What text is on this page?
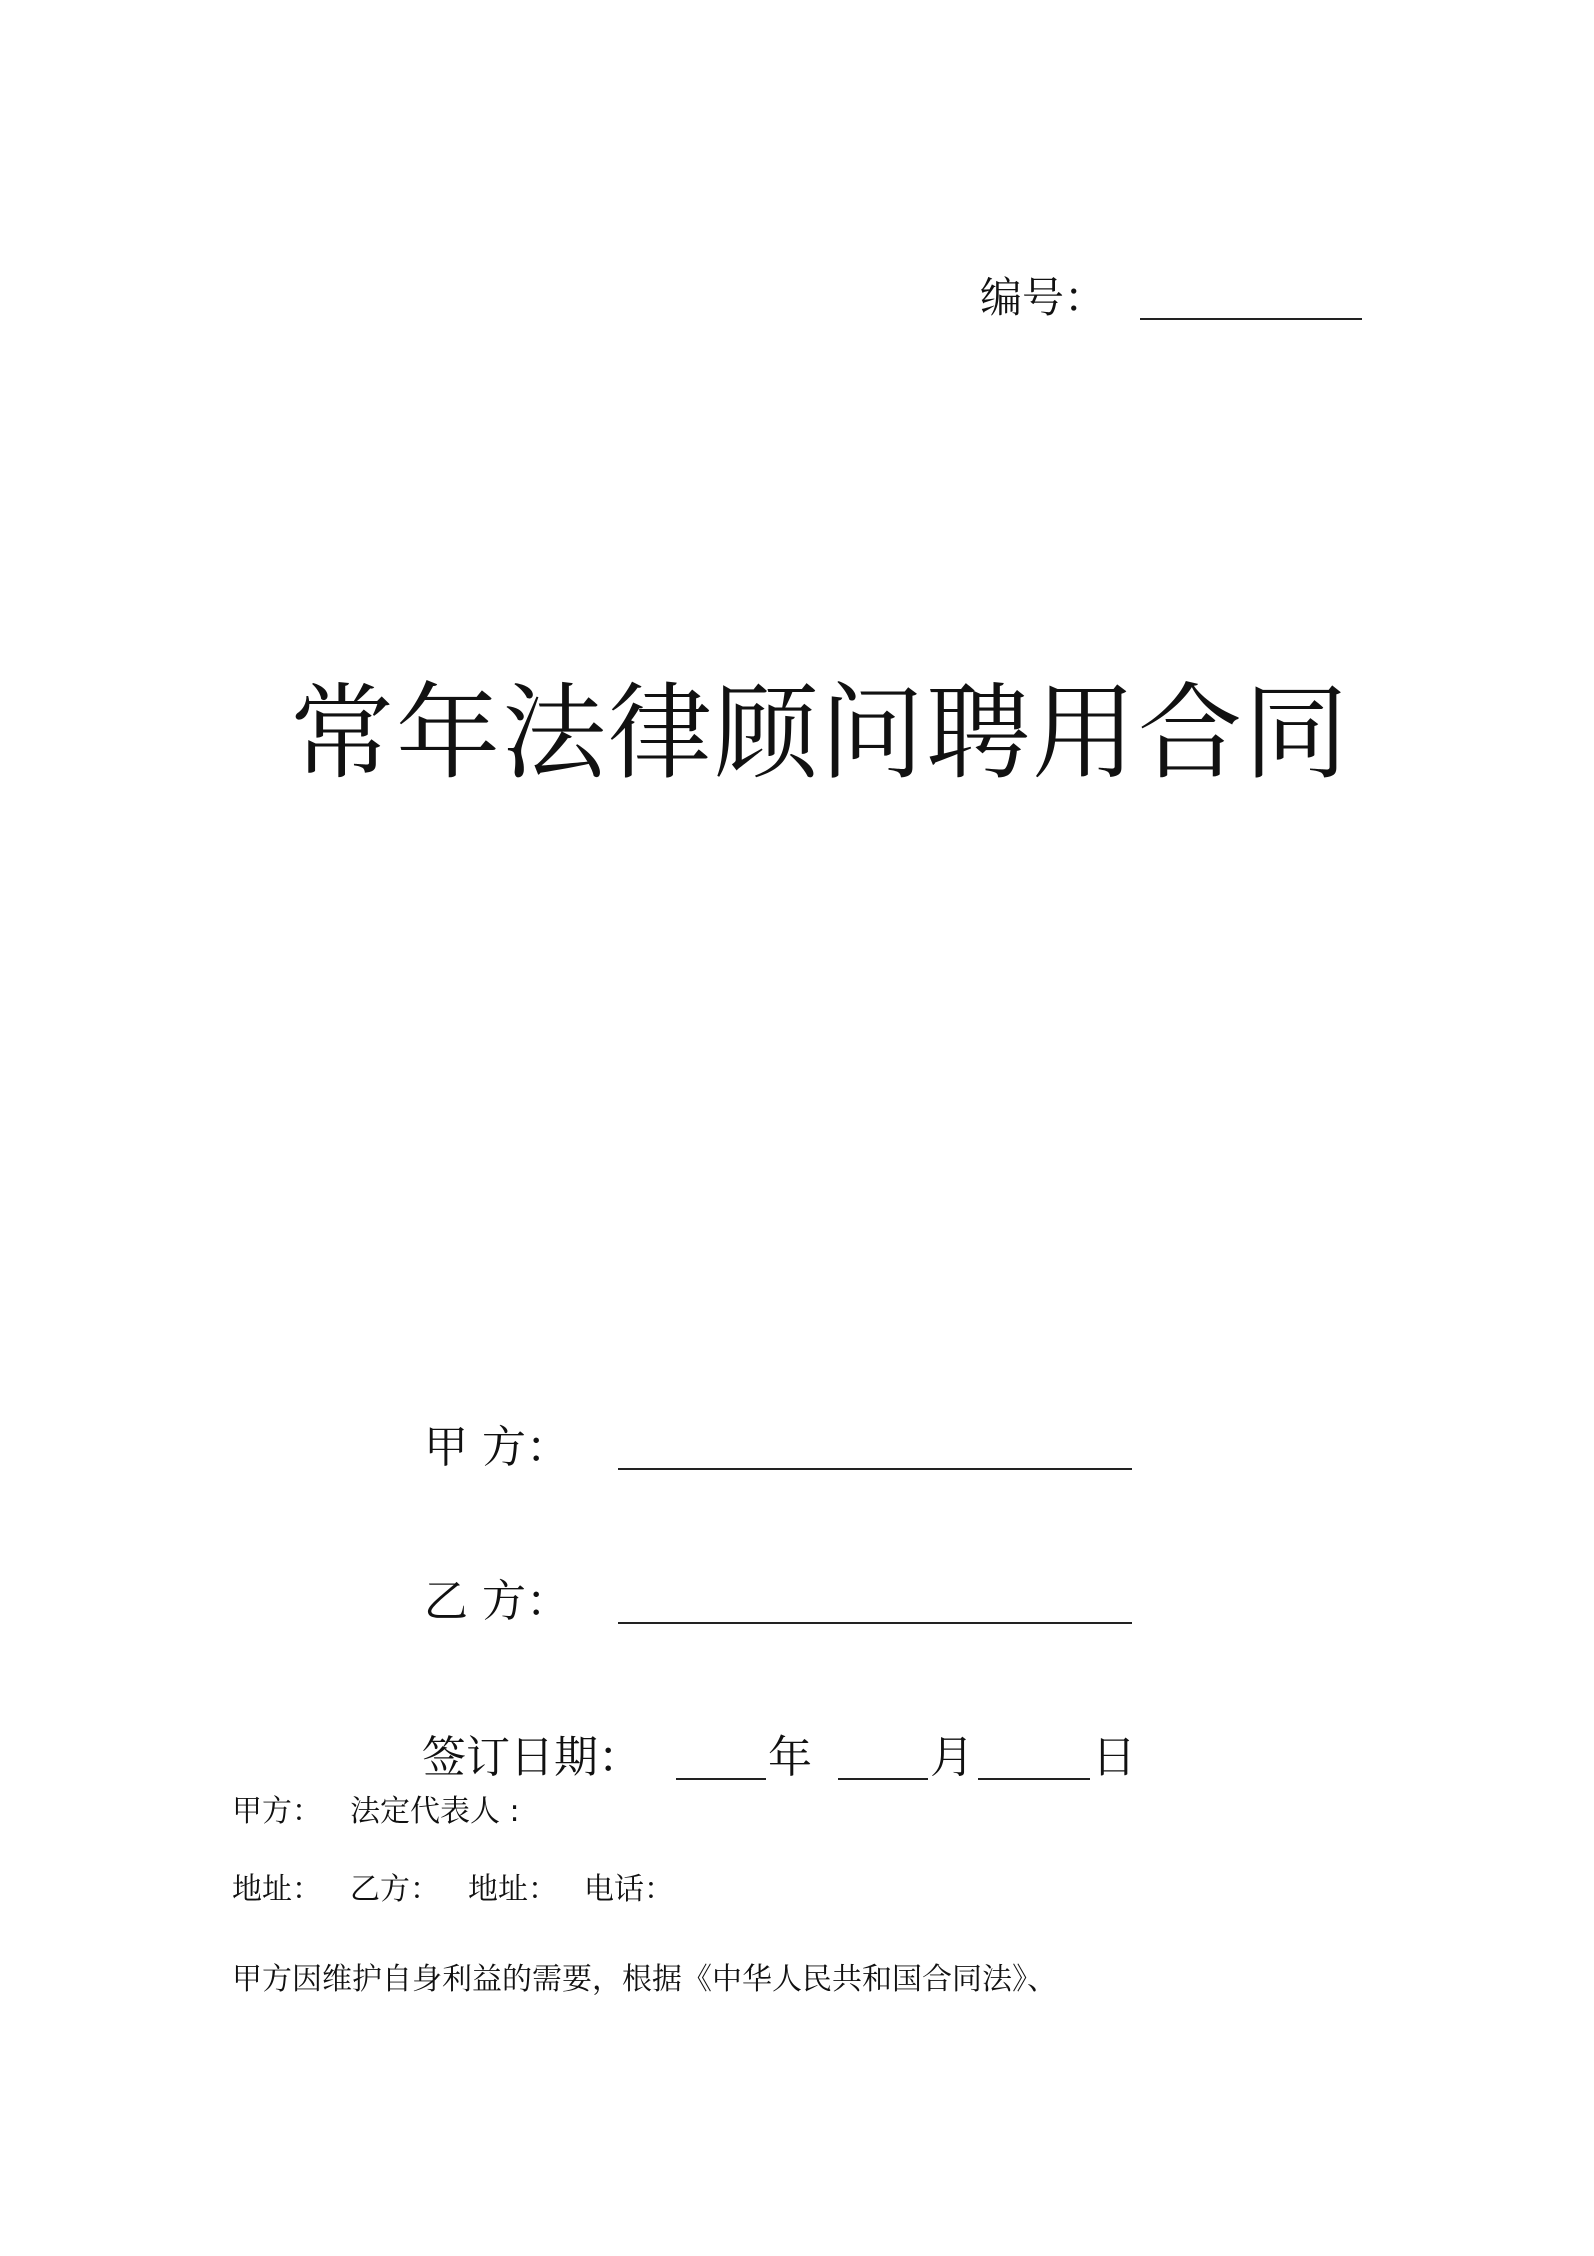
编号：
常年法律顾问聘用合同
甲 方：
乙 方：
签订日期：	年	月	日
甲方： 法定代表人 :
地址： 乙方： 地址： 电话：
甲方因维护自身利益的需要，根据《中华人民共和国合同法》、
